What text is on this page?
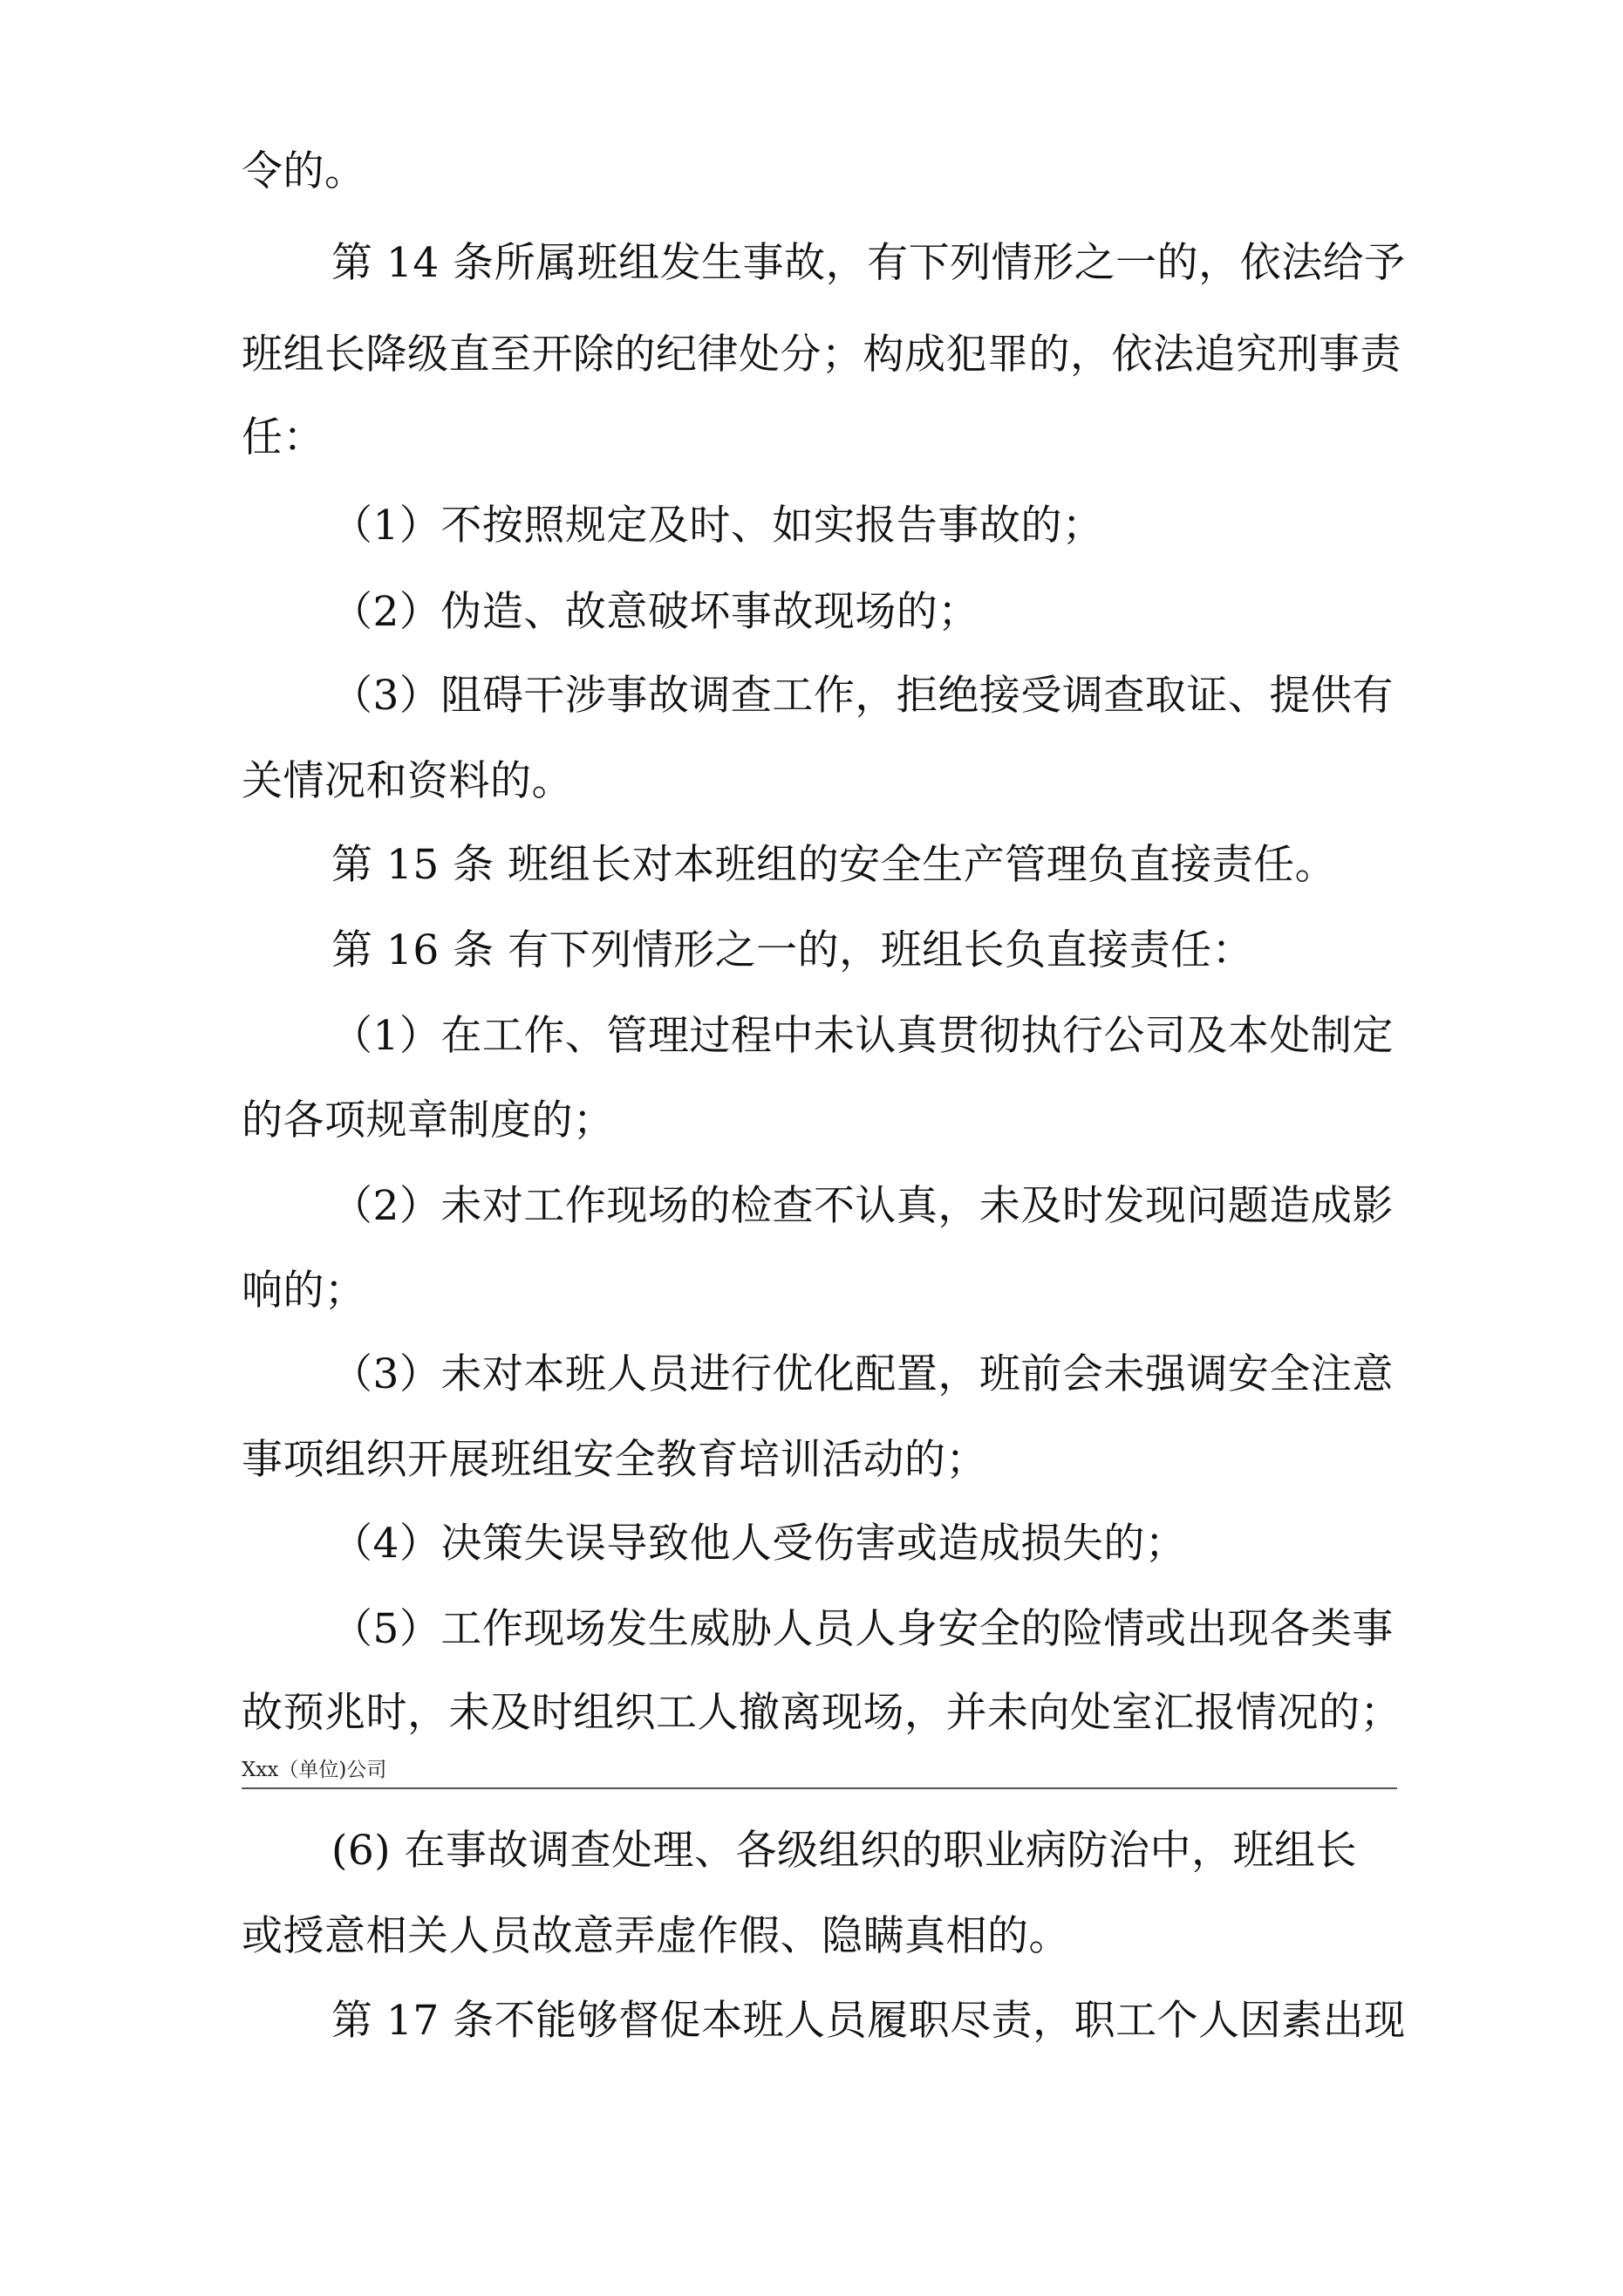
令的。

第 14 条所属班组发生事故，有下列情形之一的，依法给予

班组长降级直至开除的纪律处分；构成犯罪的，依法追究刑事责

任：

（1）不按照规定及时、如实报告事故的；

（2）伪造、故意破坏事故现场的；

（3）阻碍干涉事故调查工作，拒绝接受调查取证、提供有

关情况和资料的。

第 15 条 班组长对本班组的安全生产管理负直接责任。

第 16 条 有下列情形之一的，班组长负直接责任：

（1）在工作、管理过程中未认真贯彻执行公司及本处制定

的各项规章制度的；

（2）未对工作现场的检查不认真，未及时发现问题造成影

响的；

（3）未对本班人员进行优化配置，班前会未强调安全注意

事项组织开展班组安全教育培训活动的；

（4）决策失误导致他人受伤害或造成损失的；

（5）工作现场发生威胁人员人身安全的险情或出现各类事

故预兆时，未及时组织工人撤离现场，并未向处室汇报情况的；

Xxx（单位)公司

(6) 在事故调查处理、各级组织的职业病防治中，班组长

或授意相关人员故意弄虚作假、隐瞒真相的。

第 17 条不能够督促本班人员履职尽责，职工个人因素出现
